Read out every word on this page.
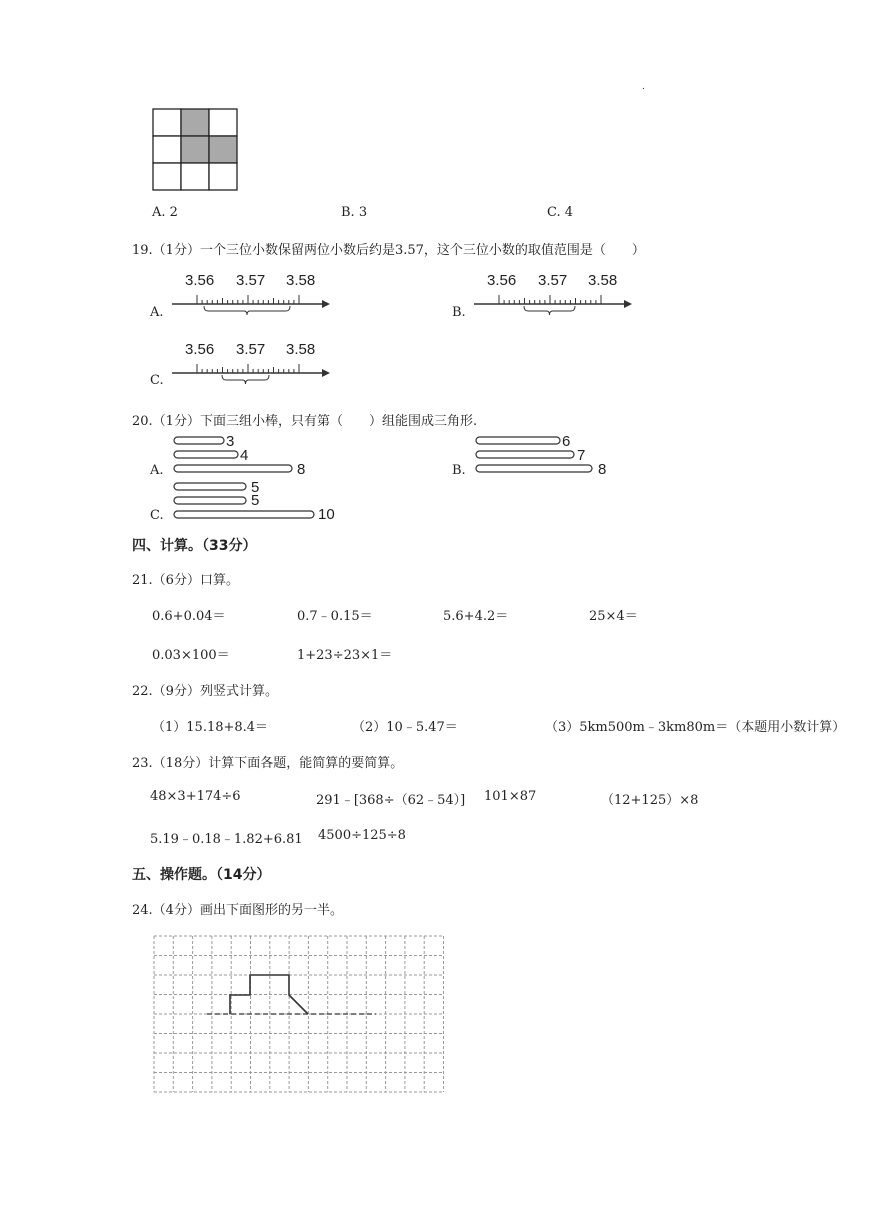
.
A. 2	B. 3	C. 4
19.（1分）一个三位小数保留两位小数后约是3.57，这个三位小数的取值范围是（　　）
A.	B.
C.
3.56 3.57 3.58	3.56 3.57 3.58
3.56 3.57 3.58
20.（1分）下面三组小棒，只有第（　　）组能围成三角形.
3
4
8
A.
6
7
8
B.
5
5
10
C.
四、计算。（33分）
21.（6分）口算。
0.6+0.04＝	0.7﹣0.15＝	5.6+4.2＝	25×4＝
0.03×100＝	1+23÷23×1＝
22.（9分）列竖式计算。
（1）15.18+8.4＝	（2）10﹣5.47＝	（3）5km500m﹣3km80m＝（本题用小数计算）
23.（18分）计算下面各题，能简算的要简算。
48×3+174÷6	291﹣[368÷（62﹣54）] 101×87	（12+125）×8
5.19﹣0.18﹣1.82+6.81 4500÷125÷8
五、操作题。（14分）
24.（4分）画出下面图形的另一半。
